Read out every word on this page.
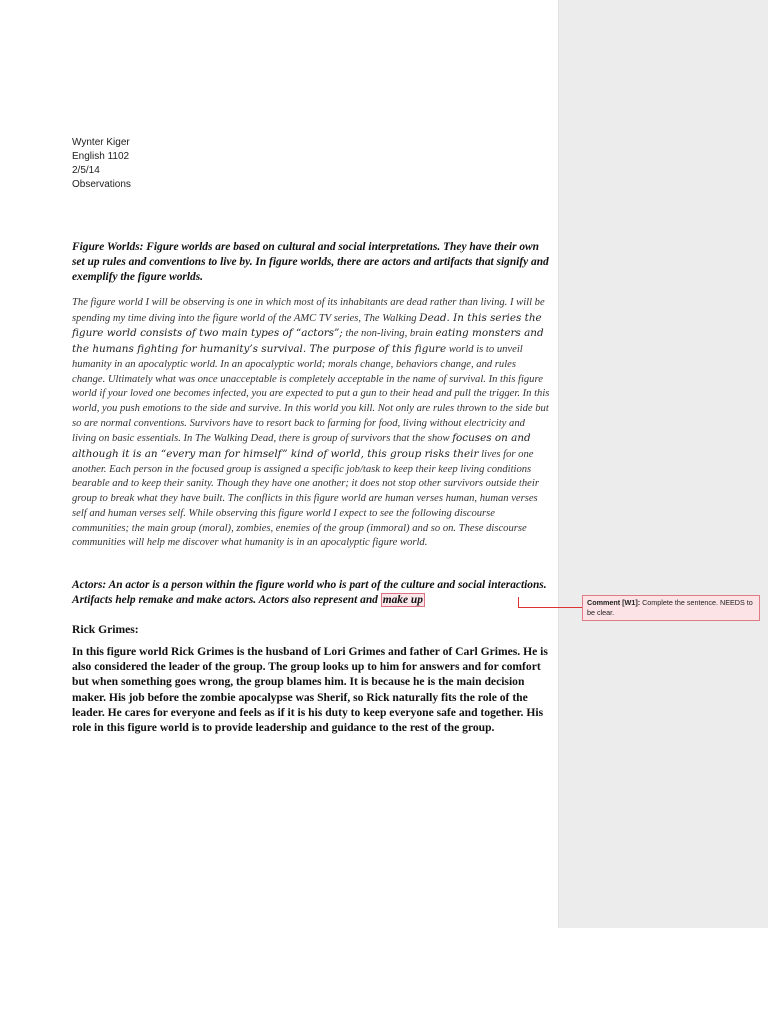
Wynter Kiger
English 1102
2/5/14
Observations
Figure Worlds: Figure worlds are based on cultural and social interpretations. They have their own set up rules and conventions to live by. In figure worlds, there are actors and artifacts that signify and exemplify the figure worlds.
The figure world I will be observing is one in which most of its inhabitants are dead rather than living. I will be spending my time diving into the figure world of the AMC TV series, The Walking Dead. In this series the figure world consists of two main types of “actors”; the non-living, brain eating monsters and the humans fighting for humanity’s survival. The purpose of this figure world is to unveil humanity in an apocalyptic world. In an apocalyptic world; morals change, behaviors change, and rules change. Ultimately what was once unacceptable is completely acceptable in the name of survival. In this figure world if your loved one becomes infected, you are expected to put a gun to their head and pull the trigger. In this world, you push emotions to the side and survive. In this world you kill. Not only are rules thrown to the side but so are normal conventions. Survivors have to resort back to farming for food, living without electricity and living on basic essentials. In The Walking Dead, there is group of survivors that the show focuses on and although it is an “every man for himself” kind of world, this group risks their lives for one another. Each person in the focused group is assigned a specific job/task to keep their keep living conditions bearable and to keep their sanity. Though they have one another; it does not stop other survivors outside their group to break what they have built. The conflicts in this figure world are human verses human, human verses self and human verses self. While observing this figure world I expect to see the following discourse communities; the main group (moral), zombies, enemies of the group (immoral) and so on. These discourse communities will help me discover what humanity is in an apocalyptic figure world.
Actors: An actor is a person within the figure world who is part of the culture and social interactions. Artifacts help remake and make actors. Actors also represent and make up	Comment [W1]: Complete the sentence. NEEDS to be clear.
Rick Grimes:
In this figure world Rick Grimes is the husband of Lori Grimes and father of Carl Grimes. He is also considered the leader of the group. The group looks up to him for answers and for comfort but when something goes wrong, the group blames him. It is because he is the main decision maker. His job before the zombie apocalypse was Sherif, so Rick naturally fits the role of the leader. He cares for everyone and feels as if it is his duty to keep everyone safe and together. His role in this figure world is to provide leadership and guidance to the rest of the group.
